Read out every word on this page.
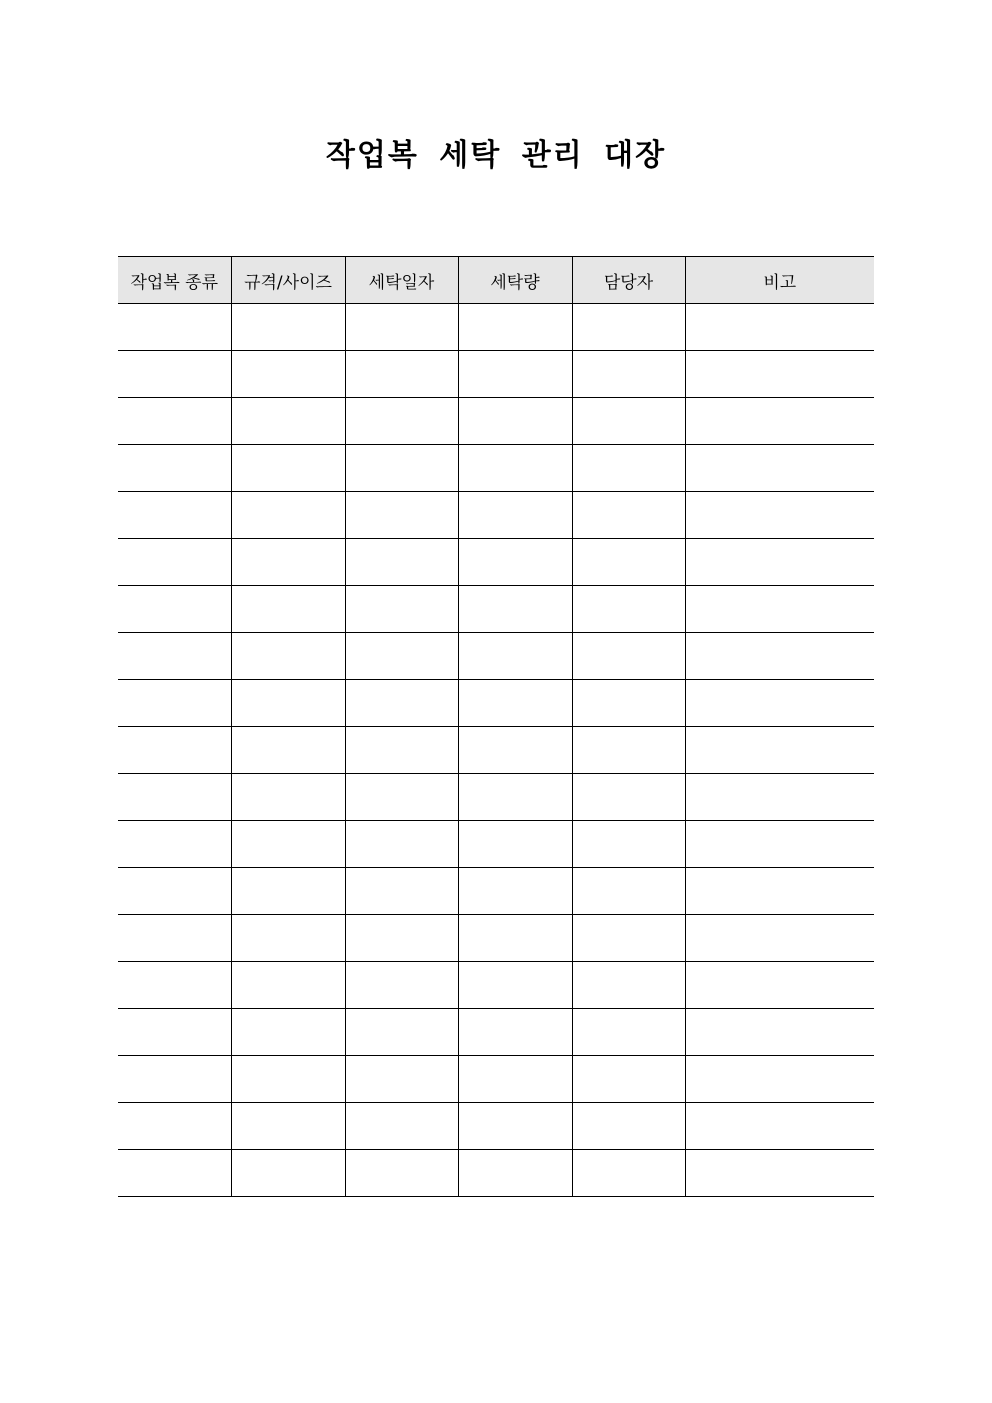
작업복 세탁 관리 대장
작업복 종류	규격/사이즈	세탁일자	세탁량	담당자	비고
